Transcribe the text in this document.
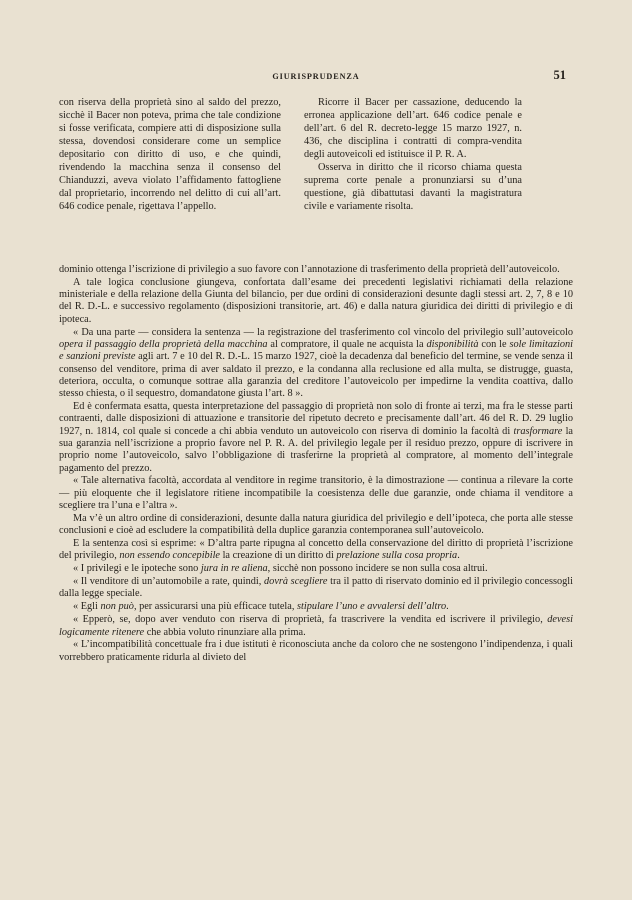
GIURISPRUDENZA	51

con riserva della proprietà sino al saldo del prezzo, sicchè il Bacer non poteva, prima che tale condizione si fosse verificata, compiere atti di disposizione sulla stessa, dovendosi considerare come un semplice depositario con diritto di uso, e che quindi, rivendendo la macchina senza il consenso del Chianduzzi, aveva violato l’affidamento fattogliene dal proprietario, incorrendo nel delitto di cui all’art. 646 codice penale, rigettava l’appello.

Ricorre il Bacer per cassazione, deducendo la erronea applicazione dell’art. 646 codice penale e dell’art. 6 del R. decreto-legge 15 marzo 1927, n. 436, che disciplina i contratti di compra-vendita degli autoveicoli ed istituisce il P. R. A.

Osserva in diritto che il ricorso chiama questa suprema corte penale a pronunziarsi su d’una questione, già dibattutasi davanti la magistratura civile e variamente risolta.

dominio ottenga l’iscrizione di privilegio a suo favore con l’annotazione di trasferimento della proprietà dell’autoveicolo.

A tale logica conclusione giungeva, confortata dall’esame dei precedenti legislativi richiamati della relazione ministeriale e della relazione della Giunta del bilancio, per due ordini di considerazioni desunte dagli stessi art. 2, 7, 8 e 10 del R. D.-L. e successivo regolamento (disposizioni transitorie, art. 46) e dalla natura giuridica dei diritti di privilegio e di ipoteca.

« Da una parte — considera la sentenza — la registrazione del trasferimento col vincolo del privilegio sull’autoveicolo opera il passaggio della proprietà della macchina al compratore, il quale ne acquista la disponibilità con le sole limitazioni e sanzioni previste agli art. 7 e 10 del R. D.-L. 15 marzo 1927, cioè la decadenza dal beneficio del termine, se vende senza il consenso del venditore, prima di aver saldato il prezzo, e la condanna alla reclusione ed alla multa, se distrugge, guasta, deteriora, occulta, o comunque sottrae alla garanzia del creditore l’autoveicolo per impedirne la vendita coattiva, dallo stesso chiesta, o il sequestro, domandatone giusta l’art. 8 ».

Ed è confermata esatta, questa interpretazione del passaggio di proprietà non solo di fronte ai terzi, ma fra le stesse parti contraenti, dalle disposizioni di attuazione e transitorie del ripetuto decreto e precisamente dall’art. 46 del R. D. 29 luglio 1927, n. 1814, col quale si concede a chi abbia venduto un autoveicolo con riserva di dominio la facoltà di trasformare la sua garanzia nell’iscrizione a proprio favore nel P. R. A. del privilegio legale per il residuo prezzo, oppure di iscrivere in proprio nome l’autoveicolo, salvo l’obbligazione di trasferirne la proprietà al compratore, al momento dell’integrale pagamento del prezzo.

« Tale alternativa facoltà, accordata al venditore in regime transitorio, è la dimostrazione — continua a rilevare la corte — più eloquente che il legislatore ritiene incompatibile la coesistenza delle due garanzie, onde chiama il venditore a scegliere tra l’una e l’altra ».

Ma v’è un altro ordine di considerazioni, desunte dalla natura giuridica del privilegio e dell’ipoteca, che porta alle stesse conclusioni e cioè ad escludere la compatibilità della duplice garanzia contemporanea sull’autoveicolo.

E la sentenza così si esprime: « D’altra parte ripugna al concetto della conservazione del diritto di proprietà l’iscrizione del privilegio, non essendo concepibile la creazione di un diritto di prelazione sulla cosa propria.

« I privilegi e le ipoteche sono jura in re aliena, sicchè non possono incidere se non sulla cosa altrui.

« Il venditore di un’automobile a rate, quindi, dovrà scegliere tra il patto di riservato dominio ed il privilegio concessogli dalla legge speciale.

« Egli non può, per assicurarsi una più efficace tutela, stipulare l’uno e avvalersi dell’altro.

« Epperò, se, dopo aver venduto con riserva di proprietà, fa trascrivere la vendita ed iscrivere il privilegio, devesi logicamente ritenere che abbia voluto rinunziare alla prima.

« L’incompatibilità concettuale fra i due istituti è riconosciuta anche da coloro che ne sostengono l’indipendenza, i quali vorrebbero praticamente ridurla al divieto del
